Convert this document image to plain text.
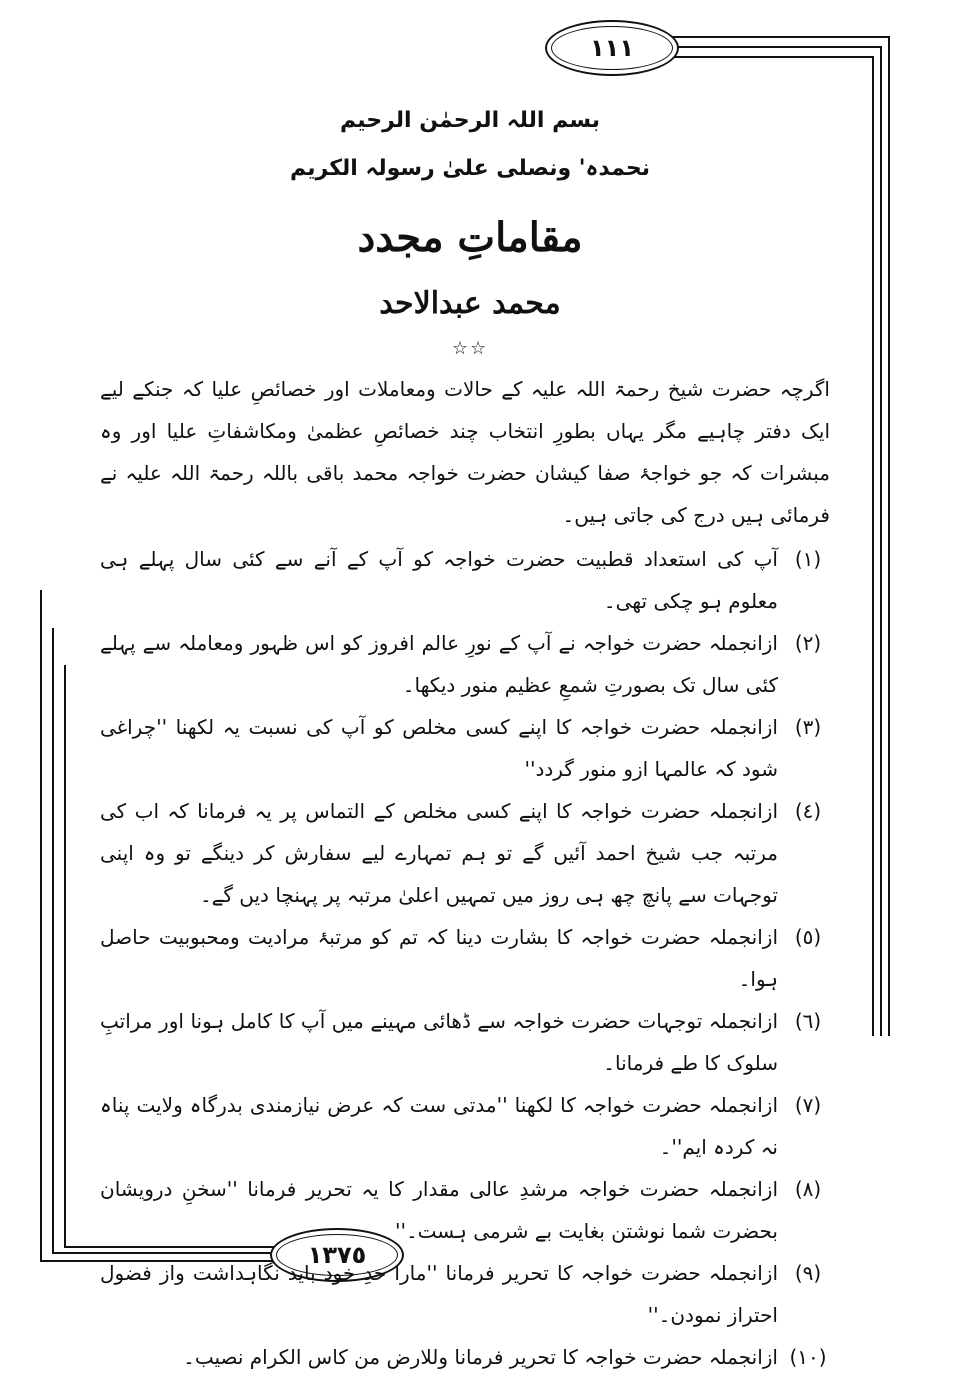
١١١
١٣٧٥
بسم اللہ الرحمٰن الرحیم
نحمدہ' ونصلی علیٰ رسولہ الکریم
مقاماتِ مجدد
محمد عبدالاحد
☆☆

اگرچہ حضرت شیخ رحمۃ اللہ علیہ کے حالات ومعاملات اور خصائصِ علیا کہ جنکے لیے ایک دفتر چاہیے مگر یہاں بطورِ انتخاب چند خصائصِ عظمیٰ ومکاشفاتِ علیا اور وہ مبشرات کہ جو خواجۂ صفا کیشان حضرت خواجہ محمد باقی باللہ رحمۃ اللہ علیہ نے فرمائی ہیں درج کی جاتی ہیں۔

(١)
آپ کی استعداد قطبیت حضرت خواجہ کو آپ کے آنے سے کئی سال پہلے ہی معلوم ہو چکی تھی۔

(٢)
ازانجملہ حضرت خواجہ نے آپ کے نورِ عالم افروز کو اس ظہور ومعاملہ سے پہلے کئی سال تک بصورتِ شمعِ عظیم منور دیکھا۔

(٣)
ازانجملہ حضرت خواجہ کا اپنے کسی مخلص کو آپ کی نسبت یہ لکھنا ''چراغی شود کہ عالمہا ازو منور گردد''

(٤)
ازانجملہ حضرت خواجہ کا اپنے کسی مخلص کے التماس پر یہ فرمانا کہ اب کی مرتبہ جب شیخ احمد آئیں گے تو ہم تمہارے لیے سفارش کر دینگے تو وہ اپنی توجہات سے پانچ چھ ہی روز میں تمہیں اعلیٰ مرتبہ پر پہنچا دیں گے۔

(٥)
ازانجملہ حضرت خواجہ کا بشارت دینا کہ تم کو مرتبۂ مرادیت ومحبوبیت حاصل ہوا۔

(٦)
ازانجملہ توجہات حضرت خواجہ سے ڈھائی مہینے میں آپ کا کامل ہونا اور مراتبِ سلوک کا طے فرمانا۔

(٧)
ازانجملہ حضرت خواجہ کا لکھنا ''مدتی ست کہ عرض نیازمندی بدرگاہ ولایت پناہ نہ کردہ ایم''۔

(٨)
ازانجملہ حضرت خواجہ مرشدِ عالی مقدار کا یہ تحریر فرمانا ''سخنِ درویشان بحضرت شما نوشتن بغایت بے شرمی ہست۔''

(٩)
ازانجملہ حضرت خواجہ کا تحریر فرمانا ''مارا حدِ خود باید نگاہداشت واز فضول احتراز نمودن۔''

(١٠)
ازانجملہ حضرت خواجہ کا تحریر فرمانا وللارض من کاس الکرام نصیب۔
